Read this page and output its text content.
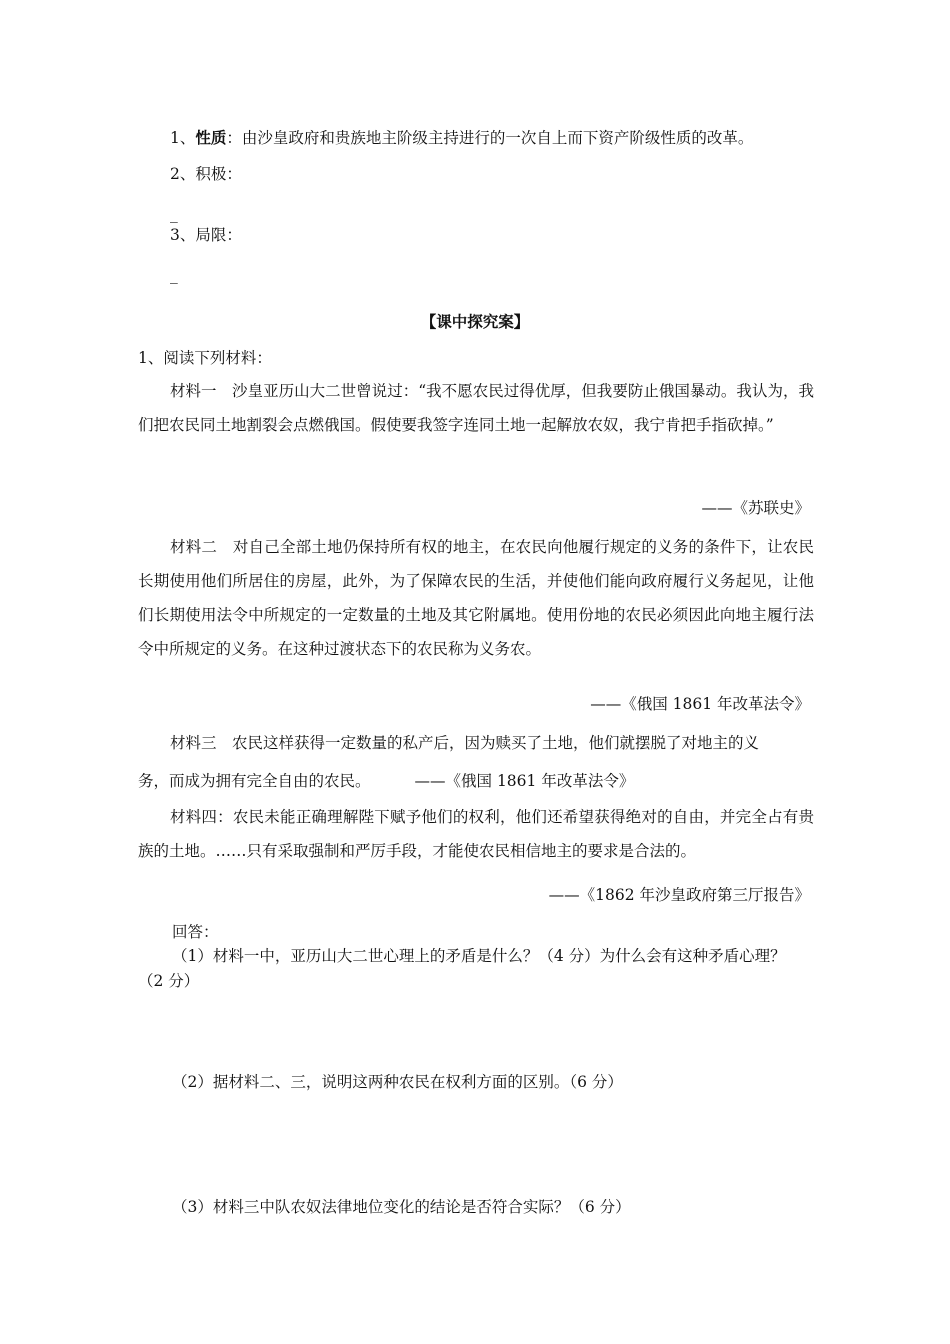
1、性质：由沙皇政府和贵族地主阶级主持进行的一次自上而下资产阶级性质的改革。
2、积极：
_
3、局限：
_
【课中探究案】
1、阅读下列材料：
材料一　沙皇亚历山大二世曾说过：“我不愿农民过得优厚，但我要防止俄国暴动。我认为，我们把农民同土地割裂会点燃俄国。假使要我签字连同土地一起解放农奴，我宁肯把手指砍掉。”
——《苏联史》
材料二　对自己全部土地仍保持所有权的地主，在农民向他履行规定的义务的条件下，让农民长期使用他们所居住的房屋，此外，为了保障农民的生活，并使他们能向政府履行义务起见，让他们长期使用法令中所规定的一定数量的土地及其它附属地。使用份地的农民必须因此向地主履行法令中所规定的义务。在这种过渡状态下的农民称为义务农。
——《俄国 1861 年改革法令》
材料三　农民这样获得一定数量的私产后，因为赎买了土地，他们就摆脱了对地主的义
务，而成为拥有完全自由的农民。	——《俄国 1861 年改革法令》
材料四：农民未能正确理解陛下赋予他们的权利，他们还希望获得绝对的自由，并完全占有贵族的土地。……只有采取强制和严厉手段，才能使农民相信地主的要求是合法的。
——《1862 年沙皇政府第三厅报告》
回答：
（1）材料一中，亚历山大二世心理上的矛盾是什么？（4 分）为什么会有这种矛盾心理？
（2 分）
（2）据材料二、三，说明这两种农民在权利方面的区别。（6 分）
（3）材料三中队农奴法律地位变化的结论是否符合实际？（6 分）
